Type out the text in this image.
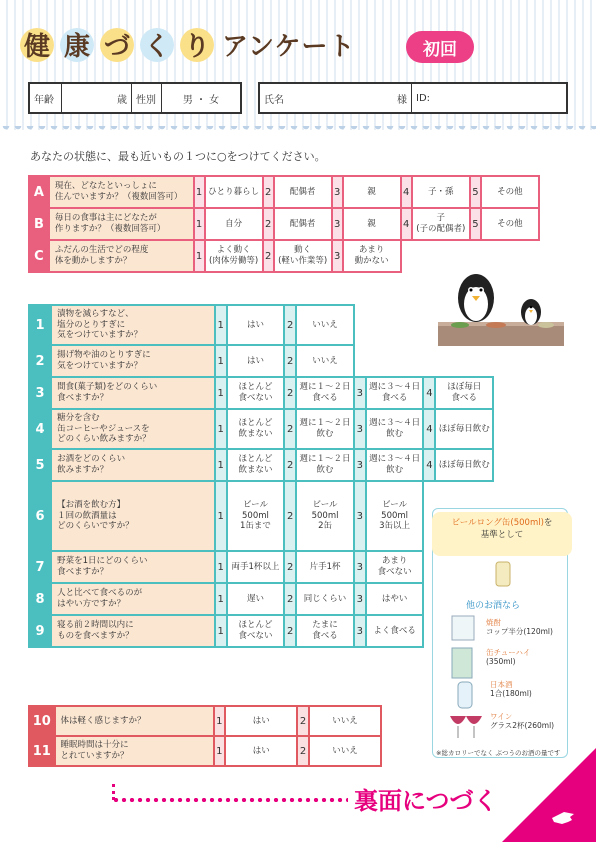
健 康 づ く り アンケート	初回
年齢	歳 性別	男 ・ 女	氏名	様 ID:
あなたの状態に、最も近いもの１つに○をつけてください。
A	現在、どなたといっしょに
住んでいますか？（複数回答可）	1	ひとり暮らし	2	配偶者	3	親	4	子・孫	5	その他
B	毎日の食事は主にどなたが
作りますか？（複数回答可）	1	自分	2	配偶者	3	親	4	子
(子の配偶者)	5	その他
C	ふだんの生活でどの程度
体を動かしますか？	1	よく動く
(肉体労働等)	2	動く
(軽い作業等)	3	あまり
動かない				
1	漬物を減らすなど、
塩分のとりすぎに
気をつけていますか？	1	はい	2	いいえ				
2	揚げ物や油のとりすぎに
気をつけていますか？	1	はい	2	いいえ				
3	間食(菓子類)をどのくらい
食べますか？	1	ほとんど
食べない	2	週に１～２日
食べる	3	週に３～４日
食べる	4	ほぼ毎日
食べる
4	糖分を含む
缶コーヒーやジュースを
どのくらい飲みますか？	1	ほとんど
飲まない	2	週に１～２日
飲む	3	週に３～４日
飲む	4	ほぼ毎日飲む
5	お酒をどのくらい
飲みますか？	1	ほとんど
飲まない	2	週に１～２日
飲む	3	週に３～４日
飲む	4	ほぼ毎日飲む
6	【お酒を飲む方】
１回の飲酒量は
どのくらいですか？	1	ビール500ml
1缶まで	2	ビール500ml
2缶	3	ビール500ml
3缶以上		
7	野菜を1日にどのくらい
食べますか？	1	両手1杯以上	2	片手1杯	3	あまり
食べない		
8	人と比べて食べるのが
はやい方ですか？	1	遅い	2	同じくらい	3	はやい		
9	寝る前２時間以内に
ものを食べますか？	1	ほとんど
食べない	2	たまに
食べる	3	よく食べる		
10	体は軽く感じますか？	1	はい	2	いいえ
11	睡眠時間は十分に
とれていますか？	1	はい	2	いいえ
ビールロング缶(500ml)を
基準として
他のお酒なら
焼酎
コップ半分(120ml)
缶チューハイ
(350ml)
日本酒
1合(180ml)
ワイン
グラス2杯(260ml)
※総カロリーでなく ぶつうのお酒の量です
裏面につづく
